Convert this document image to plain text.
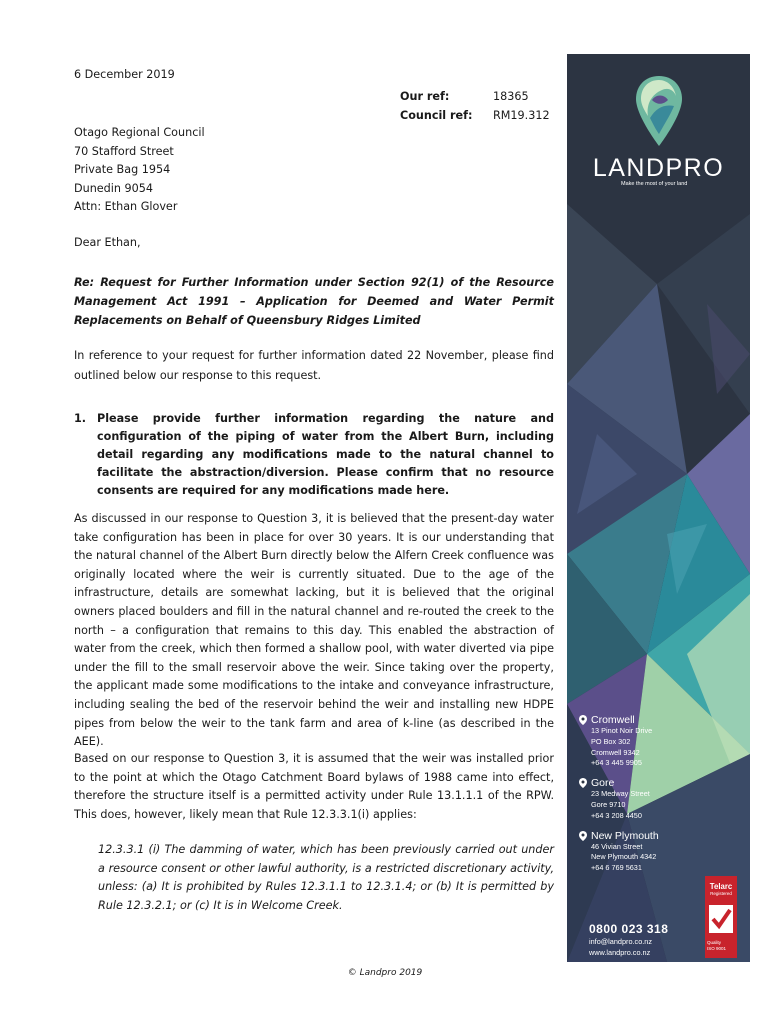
6 December 2019
Our ref:	18365
Council ref:	RM19.312
Otago Regional Council
70 Stafford Street
Private Bag 1954
Dunedin 9054
Attn: Ethan Glover
Dear Ethan,
Re: Request for Further Information under Section 92(1) of the Resource Management Act 1991 – Application for Deemed and Water Permit Replacements on Behalf of Queensbury Ridges Limited
In reference to your request for further information dated 22 November, please find outlined below our response to this request.
1. Please provide further information regarding the nature and configuration of the piping of water from the Albert Burn, including detail regarding any modifications made to the natural channel to facilitate the abstraction/diversion. Please confirm that no resource consents are required for any modifications made here.
As discussed in our response to Question 3, it is believed that the present-day water take configuration has been in place for over 30 years. It is our understanding that the natural channel of the Albert Burn directly below the Alfern Creek confluence was originally located where the weir is currently situated. Due to the age of the infrastructure, details are somewhat lacking, but it is believed that the original owners placed boulders and fill in the natural channel and re-routed the creek to the north – a configuration that remains to this day. This enabled the abstraction of water from the creek, which then formed a shallow pool, with water diverted via pipe under the fill to the small reservoir above the weir. Since taking over the property, the applicant made some modifications to the intake and conveyance infrastructure, including sealing the bed of the reservoir behind the weir and installing new HDPE pipes from below the weir to the tank farm and area of k-line (as described in the AEE).
Based on our response to Question 3, it is assumed that the weir was installed prior to the point at which the Otago Catchment Board bylaws of 1988 came into effect, therefore the structure itself is a permitted activity under Rule 13.1.1.1 of the RPW. This does, however, likely mean that Rule 12.3.3.1(i) applies:
12.3.3.1 (i) The damming of water, which has been previously carried out under a resource consent or other lawful authority, is a restricted discretionary activity, unless: (a) It is prohibited by Rules 12.3.1.1 to 12.3.1.4; or (b) It is permitted by Rule 12.3.2.1; or (c) It is in Welcome Creek.
© Landpro 2019
LANDPRO
Make the most of your land
Cromwell
13 Pinot Noir Drive
PO Box 302
Cromwell 9342
+64 3 445 9905
Gore
23 Medway Street
Gore 9710
+64 3 208 4450
New Plymouth
46 Vivian Street
New Plymouth 4342
+64 6 769 5631
0800 023 318
info@landpro.co.nz
www.landpro.co.nz
Telarc
Registered
Quality
ISO 9001
